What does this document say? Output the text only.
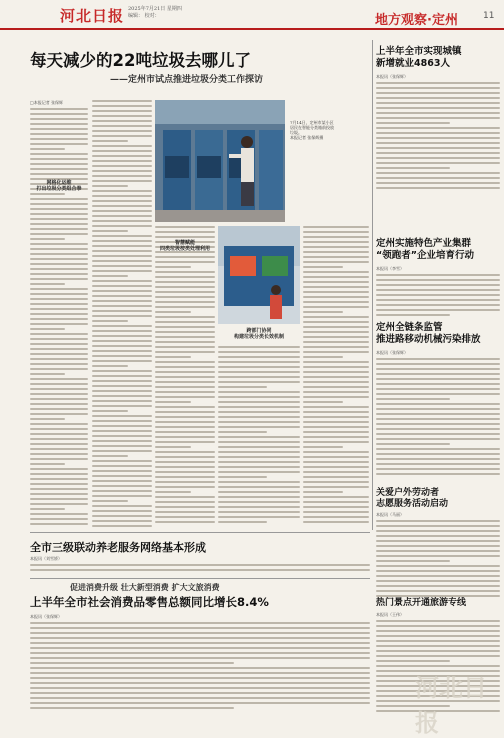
河北日报 2025年7月21日 星期四
编辑： 校对：	地方观察·定州	11
每天减少的22吨垃圾去哪儿了
——定州市试点推进垃圾分类工作探访
□本报记者 张保辉
网格化运维
打出垃圾分类组合拳
7月14日，定州市某小区居民在智能分类箱前投放垃圾。
本报记者 张保辉摄
智慧赋能
四类垃圾按类处理利用
跨部门协同
构建垃圾分类长效机制
上半年全市实现城镇
新增就业4863人
本报讯（张保辉）
定州实施特色产业集群
“领跑者”企业培育行动
本报讯（李雪）
定州全链条监管
推进路移动机械污染排放
本报讯（张保辉）
关爱户外劳动者
志愿服务活动启动
本报讯（马丽）
热门景点开通旅游专线
本报讯（王伟）
全市三级联动养老服务网络基本形成
本报讯（刘雪娇）
促进消费升级 壮大新型消费 扩大文旅消费
上半年全市社会消费品零售总额同比增长8.4%
本报讯（张保辉）
河北日报
